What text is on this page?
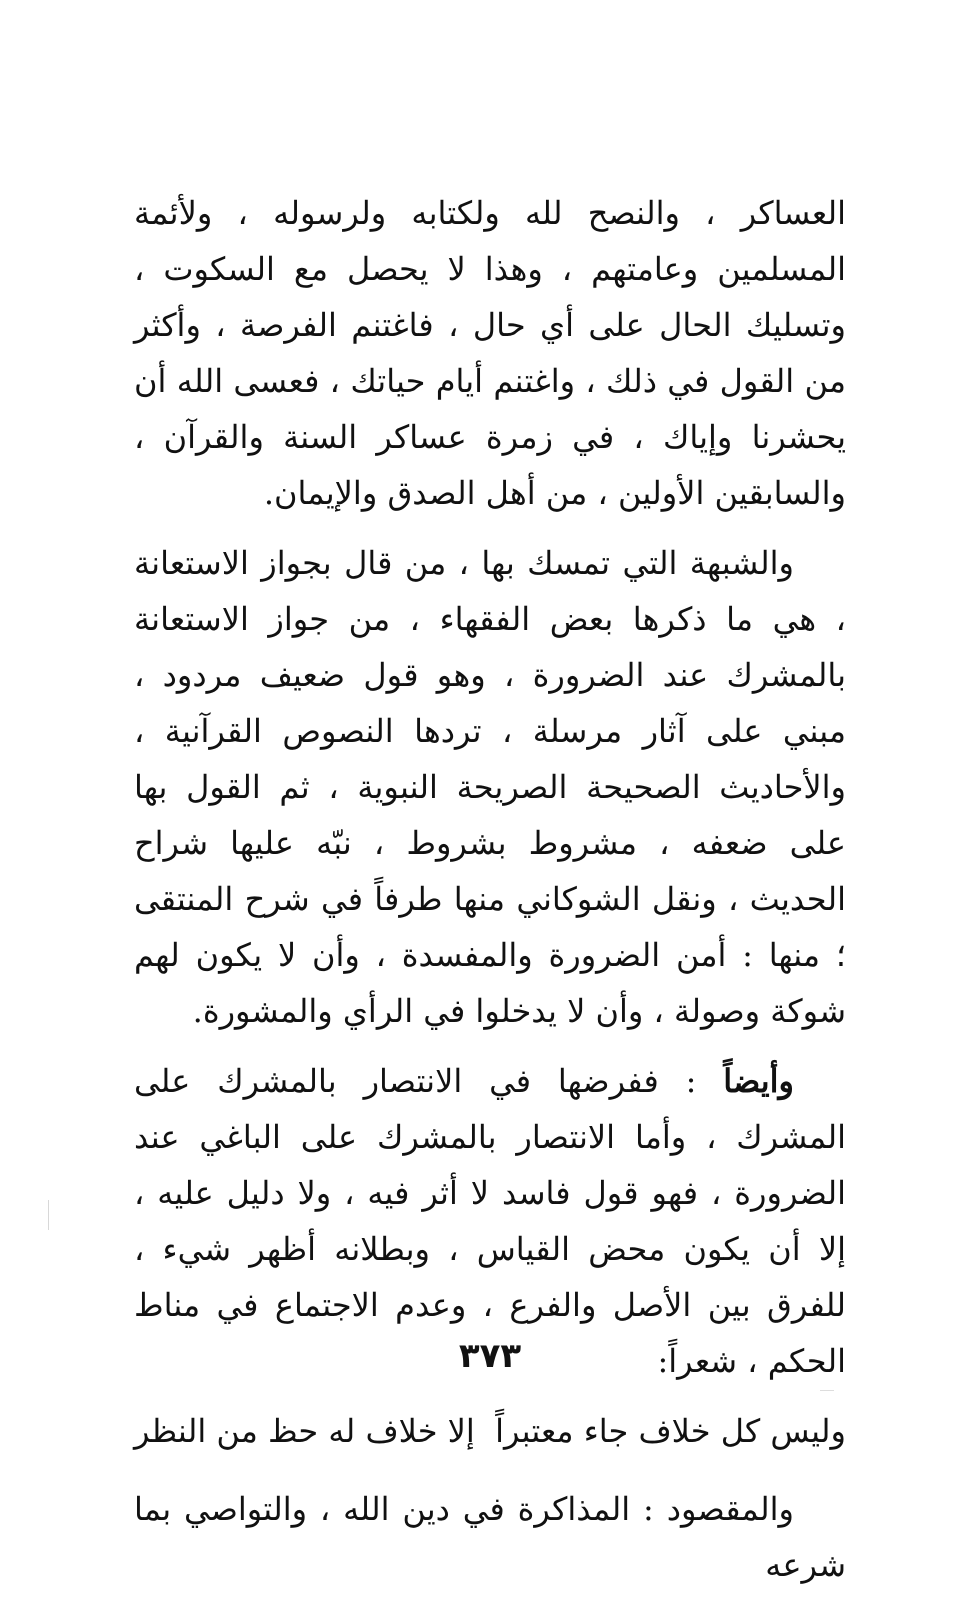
العساكر ، والنصح لله ولكتابه ولرسوله ، ولأئمة المسلمين وعامتهم ، وهذا لا يحصل مع السكوت ، وتسليك الحال على أي حال ، فاغتنم الفرصة ، وأكثر من القول في ذلك ، واغتنم أيام حياتك ، فعسى الله أن يحشرنا وإياك ، في زمرة عساكر السنة والقرآن ، والسابقين الأولين ، من أهل الصدق والإيمان.

والشبهة التي تمسك بها ، من قال بجواز الاستعانة ، هي ما ذكرها بعض الفقهاء ، من جواز الاستعانة بالمشرك عند الضرورة ، وهو قول ضعيف مردود ، مبني على آثار مرسلة ، تردها النصوص القرآنية ، والأحاديث الصحيحة الصريحة النبوية ، ثم القول بها على ضعفه ، مشروط بشروط ، نبّه عليها شراح الحديث ، ونقل الشوكاني منها طرفاً في شرح المنتقى ؛ منها : أمن الضرورة والمفسدة ، وأن لا يكون لهم شوكة وصولة ، وأن لا يدخلوا في الرأي والمشورة.

وأيضاً : ففرضها في الانتصار بالمشرك على المشرك ، وأما الانتصار بالمشرك على الباغي عند الضرورة ، فهو قول فاسد لا أثر فيه ، ولا دليل عليه ، إلا أن يكون محض القياس ، وبطلانه أظهر شيء ، للفرق بين الأصل والفرع ، وعدم الاجتماع في مناط الحكم ، شعراً:

وليس كل خلاف جاء معتبراً
إلا خلاف له حظ من النظر

والمقصود : المذاكرة في دين الله ، والتواصي بما شرعه

٣٧٣
